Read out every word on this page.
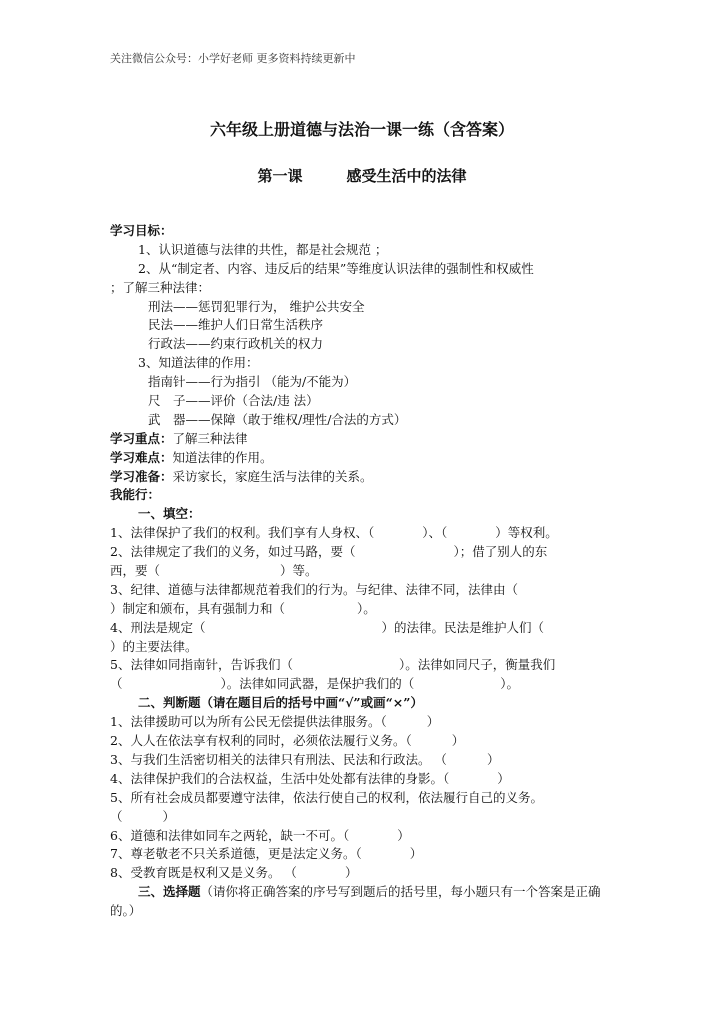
关注微信公众号：小学好老师 更多资料持续更新中
六年级上册道德与法治一课一练（含答案）
第一课	感受生活中的法律
学习目标：
1、认识道德与法律的共性，都是社会规范 ；
2、从“制定者、内容、违反后的结果”等维度认识法律的强制性和权威性
；了解三种法律：
刑法——惩罚犯罪行为， 维护公共安全
民法——维护人们日常生活秩序
行政法——约束行政机关的权力
3、知道法律的作用：
指南针——行为指引 （能为/不能为）
尺　子——评价（合法/违 法）
武　器——保障（敢于维权/理性/合法的方式）
学习重点：了解三种法律
学习难点：知道法律的作用。
学习准备：采访家长，家庭生活与法律的关系。
我能行：
一、填空：
1、法律保护了我们的权利。我们享有人身权、（	）、（	）等权利。
2、法律规定了我们的义务，如过马路，要（	）；借了别人的东
西，要（	）等。
3、纪律、道德与法律都规范着我们的行为。与纪律、法律不同，法律由（
）制定和颁布，具有强制力和（	）。
4、刑法是规定（	）的法律。民法是维护人们（
）的主要法律。
5、法律如同指南针，告诉我们（	）。法律如同尺子，衡量我们
（	）。法律如同武器，是保护我们的（	）。
二、判断题（请在题目后的括号中画“√”或画“×”）
1、法律援助可以为所有公民无偿提供法律服务。（	）
2、人人在依法享有权利的同时，必须依法履行义务。（	）
3、与我们生活密切相关的法律只有刑法、民法和行政法。 （	）
4、法律保护我们的合法权益，生活中处处都有法律的身影。（	）
5、所有社会成员都要遵守法律，依法行使自己的权利，依法履行自己的义务。
（	）
6、道德和法律如同车之两轮，缺一不可。（	）
7、尊老敬老不只关系道德，更是法定义务。（	）
8、受教育既是权利又是义务。 （	）
三、选择题（请你将正确答案的序号写到题后的括号里，每小题只有一个答案是正确的。）
